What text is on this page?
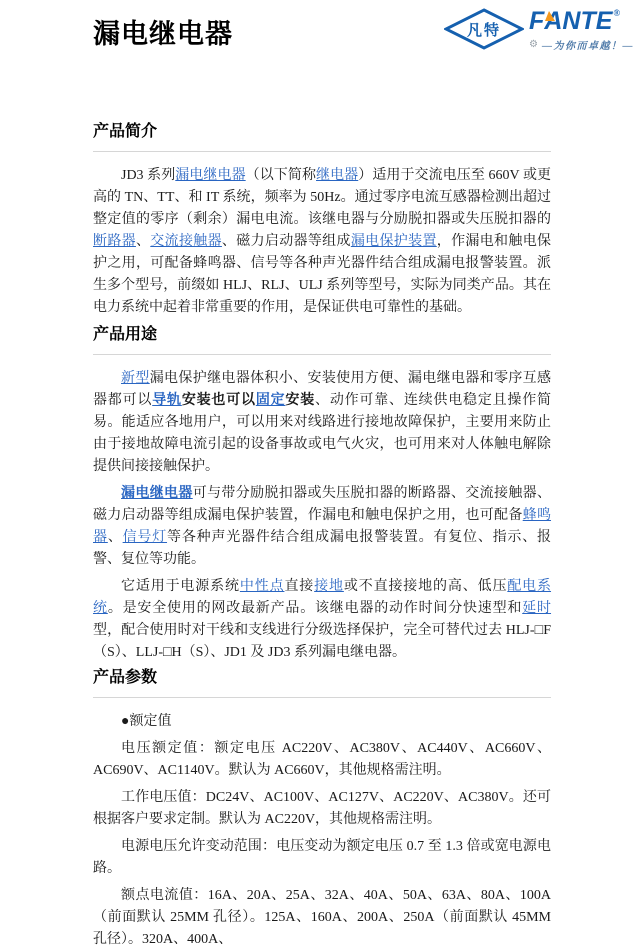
漏电继电器	凡特	FA
NTE®
⚙ —为你而卓越！—
产品简介

JD3 系列漏电继电器（以下简称继电器）适用于交流电压至 660V 或更高的 TN、TT、和 IT 系统，频率为 50Hz。通过零序电流互感器检测出超过整定值的零序（剩余）漏电电流。该继电器与分励脱扣器或失压脱扣器的断路器、交流接触器、磁力启动器等组成漏电保护装置，作漏电和触电保护之用，可配备蜂鸣器、信号等各种声光器件结合组成漏电报警装置。派生多个型号，前缀如 HLJ、RLJ、ULJ 系列等型号，实际为同类产品。其在电力系统中起着非常重要的作用，是保证供电可靠性的基础。

产品用途

新型漏电保护继电器体积小、安装使用方便、漏电继电器和零序互感器都可以导轨安装也可以固定安装、动作可靠、连续供电稳定且操作简易。能适应各地用户，可以用来对线路进行接地故障保护，主要用来防止由于接地故障电流引起的设备事故或电气火灾，也可用来对人体触电解除提供间接接触保护。

漏电继电器可与带分励脱扣器或失压脱扣器的断路器、交流接触器、磁力启动器等组成漏电保护装置，作漏电和触电保护之用，也可配备蜂鸣器、信号灯等各种声光器件结合组成漏电报警装置。有复位、指示、报警、复位等功能。

它适用于电源系统中性点直接接地或不直接接地的高、低压配电系统。是安全使用的网改最新产品。该继电器的动作时间分快速型和延时型，配合使用时对干线和支线进行分级选择保护，完全可替代过去 HLJ-□F（S）、LLJ-□H（S）、JD1 及 JD3 系列漏电继电器。

产品参数

●额定值

电压额定值：额定电压 AC220V、AC380V、AC440V、AC660V、AC690V、AC1140V。默认为 AC660V，其他规格需注明。

工作电压值：DC24V、AC100V、AC127V、AC220V、AC380V。还可根据客户要求定制。默认为 AC220V，其他规格需注明。

电源电压允许变动范围：电压变动为额定电压 0.7 至 1.3 倍或宽电源电路。

额点电流值：16A、20A、25A、32A、40A、50A、63A、80A、100A（前面默认 25MM 孔径）。125A、160A、200A、250A（前面默认 45MM 孔径）。320A、400A、
